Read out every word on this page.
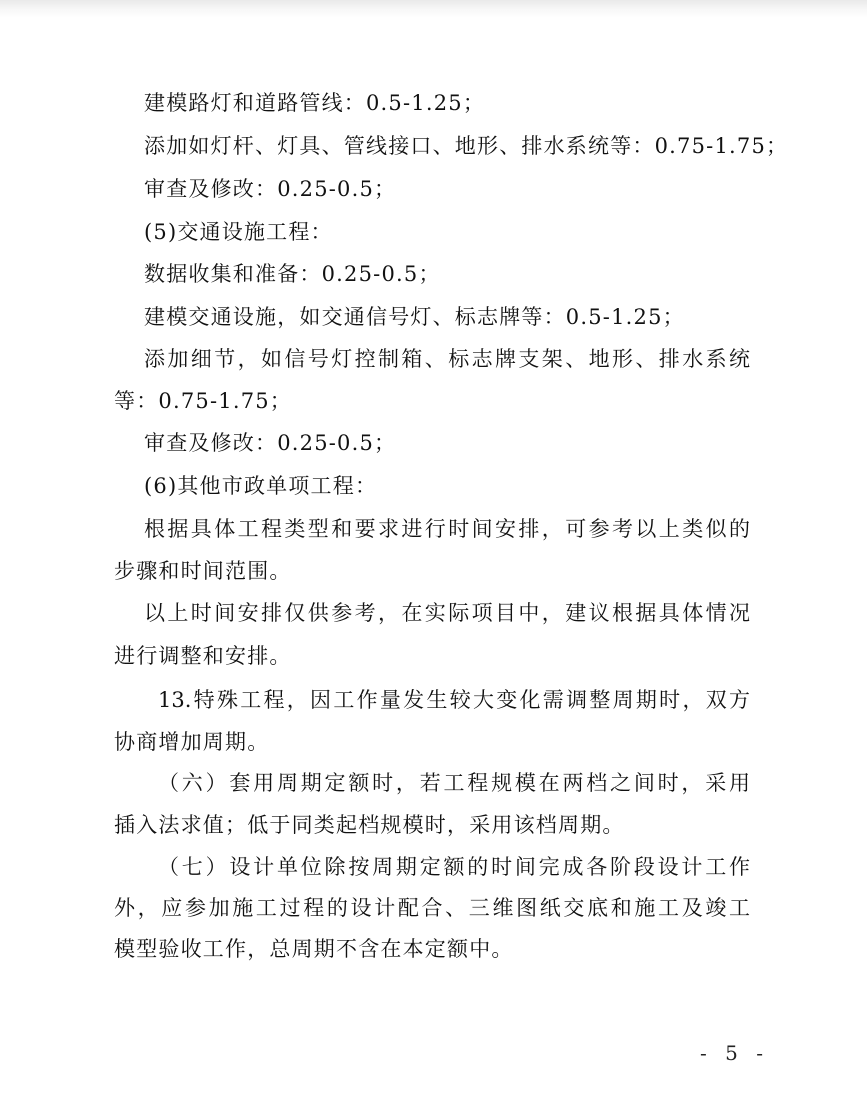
建模路灯和道路管线：0.5-1.25；
添加如灯杆、灯具、管线接口、地形、排水系统等：0.75-1.75；
审查及修改：0.25-0.5；
(5)交通设施工程：
数据收集和准备：0.25-0.5；
建模交通设施，如交通信号灯、标志牌等：0.5-1.25；
添加细节，如信号灯控制箱、标志牌支架、地形、排水系统
等：0.75-1.75；
审查及修改：0.25-0.5；
(6)其他市政单项工程：
根据具体工程类型和要求进行时间安排，可参考以上类似的
步骤和时间范围。
以上时间安排仅供参考，在实际项目中，建议根据具体情况
进行调整和安排。
13.特殊工程，因工作量发生较大变化需调整周期时，双方
协商增加周期。
（六）套用周期定额时，若工程规模在两档之间时，采用
插入法求值；低于同类起档规模时，采用该档周期。
（七）设计单位除按周期定额的时间完成各阶段设计工作
外，应参加施工过程的设计配合、三维图纸交底和施工及竣工
模型验收工作，总周期不含在本定额中。
- 5 -
